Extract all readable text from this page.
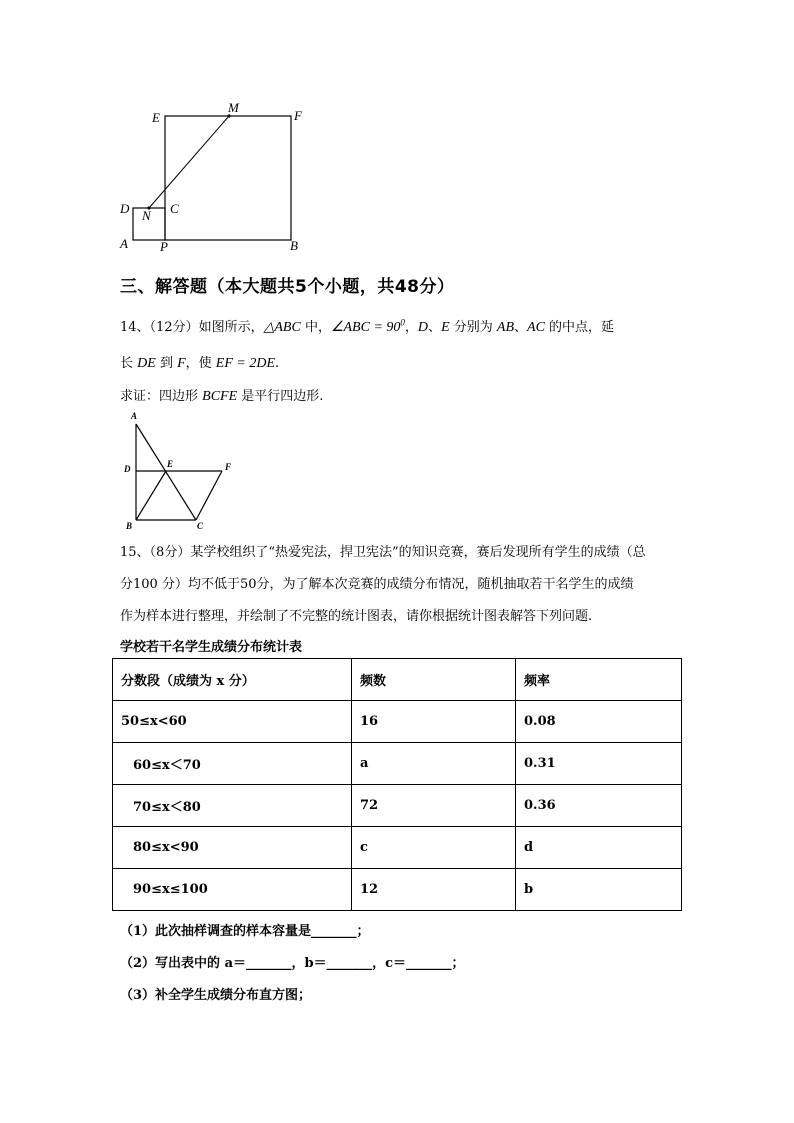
M
E	F
D N C
A P	B
三、解答题（本大题共5个小题，共48分）
14、（12分）如图所示，△ABC 中，∠ABC = $90^0$，D、E 分别为 AB、AC 的中点，延
长 DE 到 F，使 EF = 2DE.
求证：四边形 BCFE 是平行四边形.
A
D	E	F
B	C
15、（8分）某学校组织了“热爱宪法，捍卫宪法”的知识竞赛，赛后发现所有学生的成绩（总
分100 分）均不低于50分，为了解本次竞赛的成绩分布情况，随机抽取若干名学生的成绩
作为样本进行整理，并绘制了不完整的统计图表，请你根据统计图表解答下列问题.
学校若干名学生成绩分布统计表
分数段（成绩为 x 分）	频数	频率
50≤x<60	16	0.08
60≤x＜70	a	0.31
70≤x＜80	72	0.36
80≤x<90	c	d
90≤x≤100	12	b
（1）此次抽样调查的样本容量是_______；
（2）写出表中的 a＝_______，b＝_______，c＝_______；
（3）补全学生成绩分布直方图；
